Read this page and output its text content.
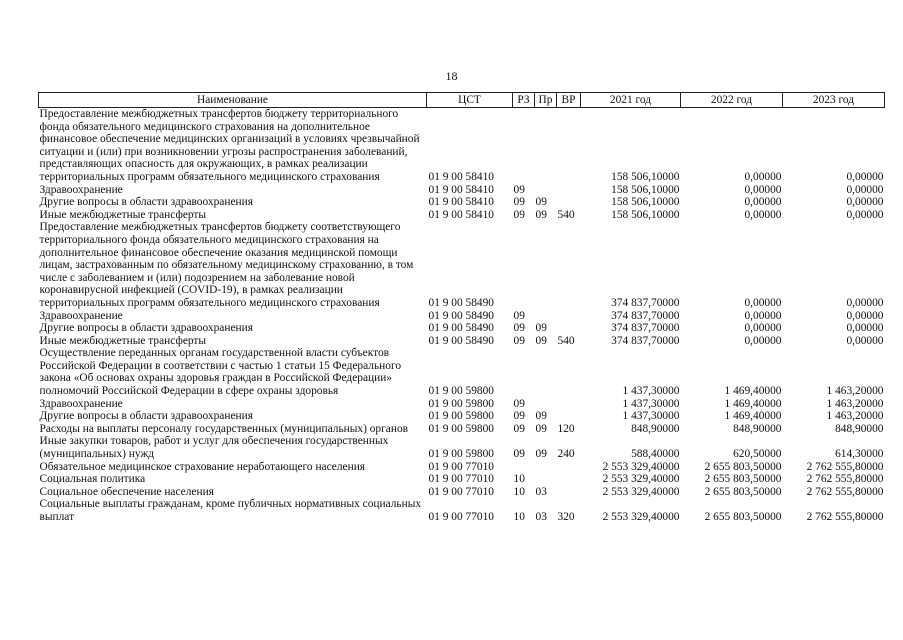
18
Наименование	ЦСТ	РЗ	Пр	ВР	2021 год	2022 год	2023 год
Предоставление межбюджетных трансфертов бюджету территориального фонда обязательного медицинского страхования на дополнительное финансовое обеспечение медицинских организаций в условиях чрезвычайной ситуации и (или) при возникновении угрозы распространения заболеваний, представляющих опасность для окружающих, в рамках реализации территориальных программ обязательного медицинского страхования	01 9 00 58410				158 506,10000	0,00000	0,00000
Здравоохранение	01 9 00 58410	09			158 506,10000	0,00000	0,00000
Другие вопросы в области здравоохранения	01 9 00 58410	09	09		158 506,10000	0,00000	0,00000
Иные межбюджетные трансферты	01 9 00 58410	09	09	540	158 506,10000	0,00000	0,00000
Предоставление межбюджетных трансфертов бюджету соответствующего территориального фонда обязательного медицинского страхования на дополнительное финансовое обеспечение оказания медицинской помощи лицам, застрахованным по обязательному медицинскому страхованию, в том числе с заболеванием и (или) подозрением на заболевание новой коронавирусной инфекцией (COVID-19), в рамках реализации территориальных программ обязательного медицинского страхования	01 9 00 58490				374 837,70000	0,00000	0,00000
Здравоохранение	01 9 00 58490	09			374 837,70000	0,00000	0,00000
Другие вопросы в области здравоохранения	01 9 00 58490	09	09		374 837,70000	0,00000	0,00000
Иные межбюджетные трансферты	01 9 00 58490	09	09	540	374 837,70000	0,00000	0,00000
Осуществление переданных органам государственной власти субъектов Российской Федерации в соответствии с частью 1 статьи 15 Федерального закона «Об основах охраны здоровья граждан в Российской Федерации» полномочий Российской Федерации в сфере охраны здоровья	01 9 00 59800				1 437,30000	1 469,40000	1 463,20000
Здравоохранение	01 9 00 59800	09			1 437,30000	1 469,40000	1 463,20000
Другие вопросы в области здравоохранения	01 9 00 59800	09	09		1 437,30000	1 469,40000	1 463,20000
Расходы на выплаты персоналу государственных (муниципальных) органов	01 9 00 59800	09	09	120	848,90000	848,90000	848,90000
Иные закупки товаров, работ и услуг для обеспечения государственных (муниципальных) нужд	01 9 00 59800	09	09	240	588,40000	620,50000	614,30000
Обязательное медицинское страхование неработающего населения	01 9 00 77010				2 553 329,40000	2 655 803,50000	2 762 555,80000
Социальная политика	01 9 00 77010	10			2 553 329,40000	2 655 803,50000	2 762 555,80000
Социальное обеспечение населения	01 9 00 77010	10	03		2 553 329,40000	2 655 803,50000	2 762 555,80000
Социальные выплаты гражданам, кроме публичных нормативных социальных выплат	01 9 00 77010	10	03	320	2 553 329,40000	2 655 803,50000	2 762 555,80000
